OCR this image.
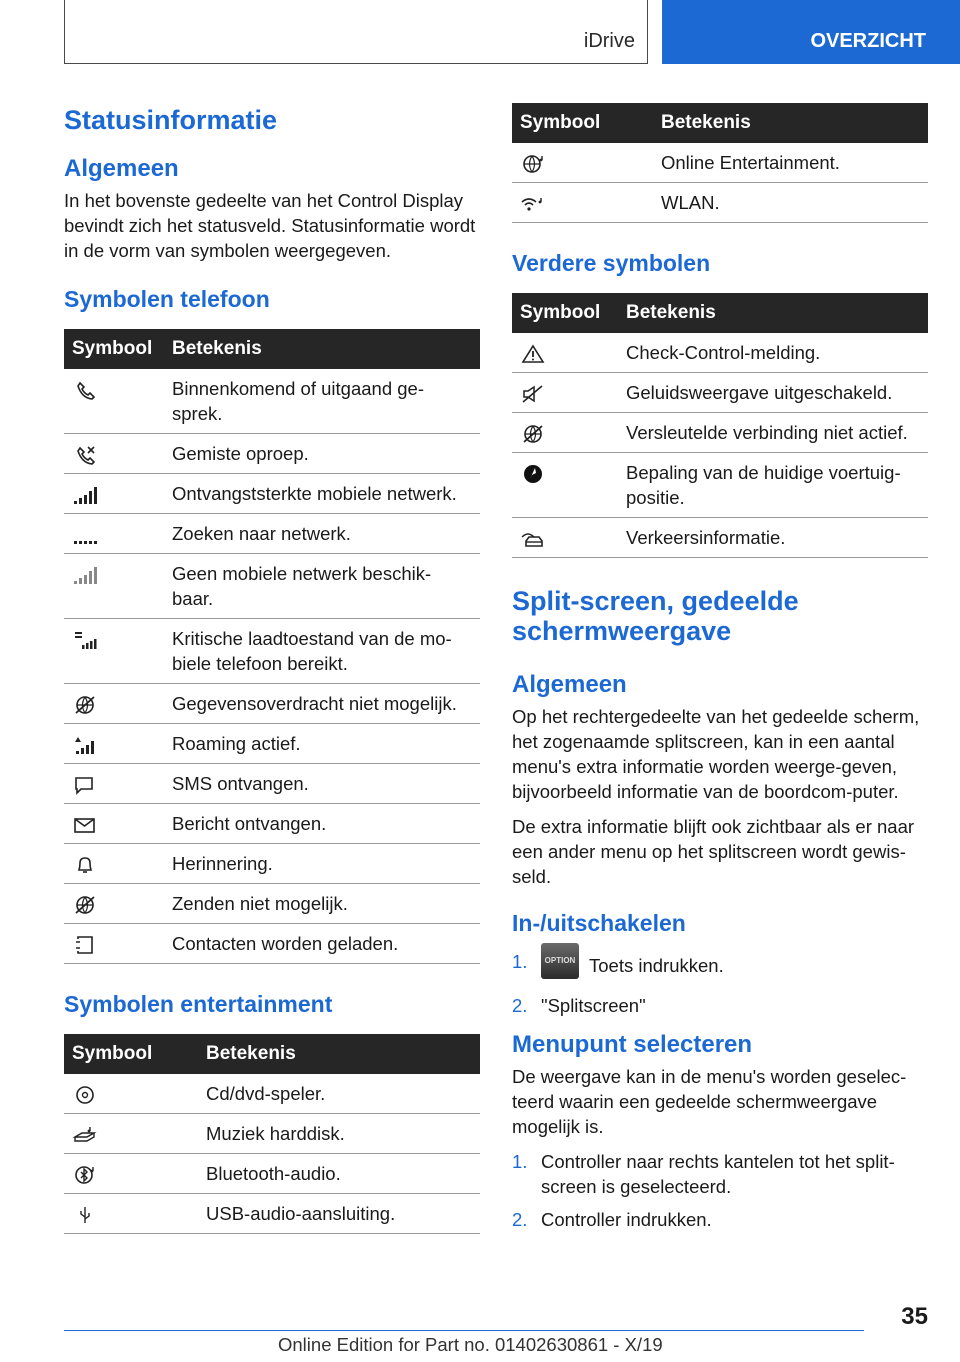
iDrive	OVERZICHT
Statusinformatie
Algemeen

In het bovenste gedeelte van het Control Display bevindt zich het statusveld. Statusinformatie wordt in de vorm van symbolen weergegeven.

Symbolen telefoon
Symbool	Betekenis
	Binnenkomend of uitgaand ge-
sprek.
	Gemiste oproep.
	Ontvangststerkte mobiele netwerk.
	Zoeken naar netwerk.
	Geen mobiele netwerk beschik-
baar.
	Kritische laadtoestand van de mo-
biele telefoon bereikt.
	Gegevensoverdracht niet mogelijk.
	Roaming actief.
	SMS ontvangen.
	Bericht ontvangen.
	Herinnering.
	Zenden niet mogelijk.
	Contacten worden geladen.
Symbolen entertainment
Symbool	Betekenis
	Cd/dvd-speler.
	Muziek harddisk.
	Bluetooth-audio.
	USB-audio-aansluiting.
Symbool	Betekenis
	Online Entertainment.
	WLAN.
Verdere symbolen
Symbool	Betekenis
	Check-Control-melding.
	Geluidsweergave uitgeschakeld.
	Versleutelde verbinding niet actief.
	Bepaling van de huidige voertuig-
positie.
	Verkeersinformatie.
Split-screen, gedeelde schermweergave
Algemeen

Op het rechtergedeelte van het gedeelde scherm, het zogenaamde splitscreen, kan in een aantal menu's extra informatie worden weerge-geven, bijvoorbeeld informatie van de boordcom-puter.

De extra informatie blijft ook zichtbaar als er naar een ander menu op het splitscreen wordt gewis-seld.

In-/uitschakelen
1.	OPTION Toets indrukken.
2. "Splitscreen"
Menupunt selecteren

De weergave kan in de menu's worden geselec-teerd waarin een gedeelde schermweergave mogelijk is.

1. Controller naar rechts kantelen tot het split-screen is geselecteerd.
2. Controller indrukken.
35
Online Edition for Part no. 01402630861 - X/19
